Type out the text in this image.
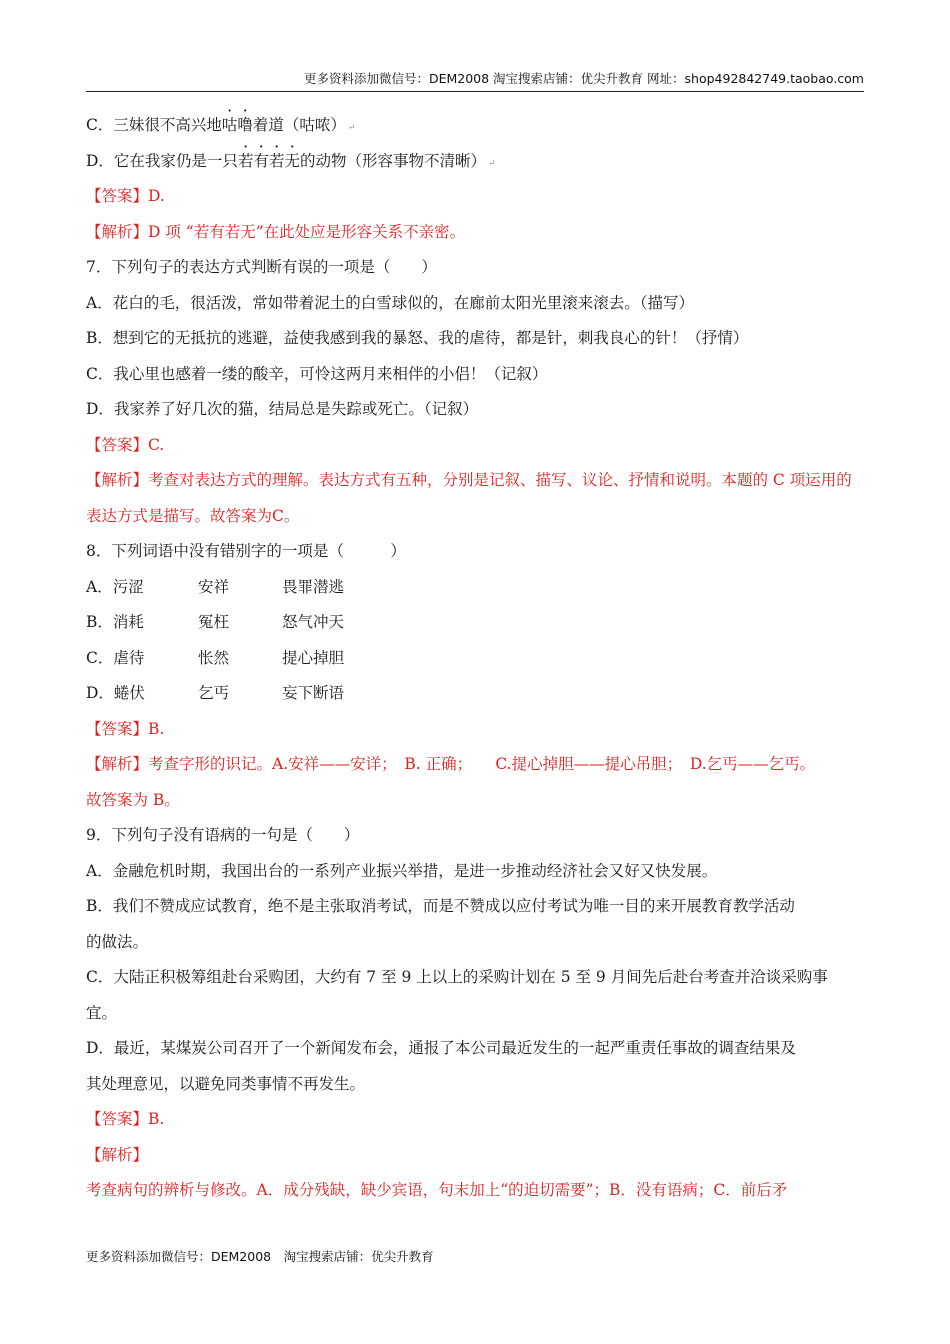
更多资料添加微信号：DEM2008 淘宝搜索店铺：优尖升教育 网址：shop492842749.taobao.com
C．三妹很不高兴地咕噜着道（咕哝） ↵
D．它在我家仍是一只若有若无的动物（形容事物不清晰） ↵
【答案】D.
【解析】D 项 “若有若无”在此处应是形容关系不亲密。
7．下列句子的表达方式判断有误的一项是（　　）
A．花白的毛，很活泼，常如带着泥土的白雪球似的，在廊前太阳光里滚来滚去。（描写）
B．想到它的无抵抗的逃避，益使我感到我的暴怒、我的虐待，都是针，刺我良心的针！（抒情）
C．我心里也感着一缕的酸辛，可怜这两月来相伴的小侣！（记叙）
D．我家养了好几次的猫，结局总是失踪或死亡。（记叙）
【答案】C.
【解析】考查对表达方式的理解。表达方式有五种，分别是记叙、描写、议论、抒情和说明。本题的 C 项运用的表达方式是描写。故答案为C。
8．下列词语中没有错别字的一项是（　　　）
A．污涩	安祥	畏罪潜逃
B．消耗	冤枉	怒气冲天
C．虐待	怅然	提心掉胆
D．蜷伏	乞丐	妄下断语
【答案】B.
【解析】考查字形的识记。A.安祥——安详；　B. 正确；　　C.提心掉胆——提心吊胆；　D.乞丐——乞丐。
故答案为 B。
9．下列句子没有语病的一句是（　　）
A．金融危机时期，我国出台的一系列产业振兴举措，是进一步推动经济社会又好又快发展。
B．我们不赞成应试教育，绝不是主张取消考试，而是不赞成以应付考试为唯一目的来开展教育教学活动
的做法。
C．大陆正积极筹组赴台采购团，大约有 7 至 9 上以上的采购计划在 5 至 9 月间先后赴台考查并洽谈采购事
宜。
D．最近，某煤炭公司召开了一个新闻发布会，通报了本公司最近发生的一起严重责任事故的调查结果及
其处理意见，以避免同类事情不再发生。
【答案】B.
【解析】
考查病句的辨析与修改。A．成分残缺，缺少宾语，句末加上“的迫切需要”；B．没有语病；C．前后矛
更多资料添加微信号：DEM2008　淘宝搜索店铺：优尖升教育
